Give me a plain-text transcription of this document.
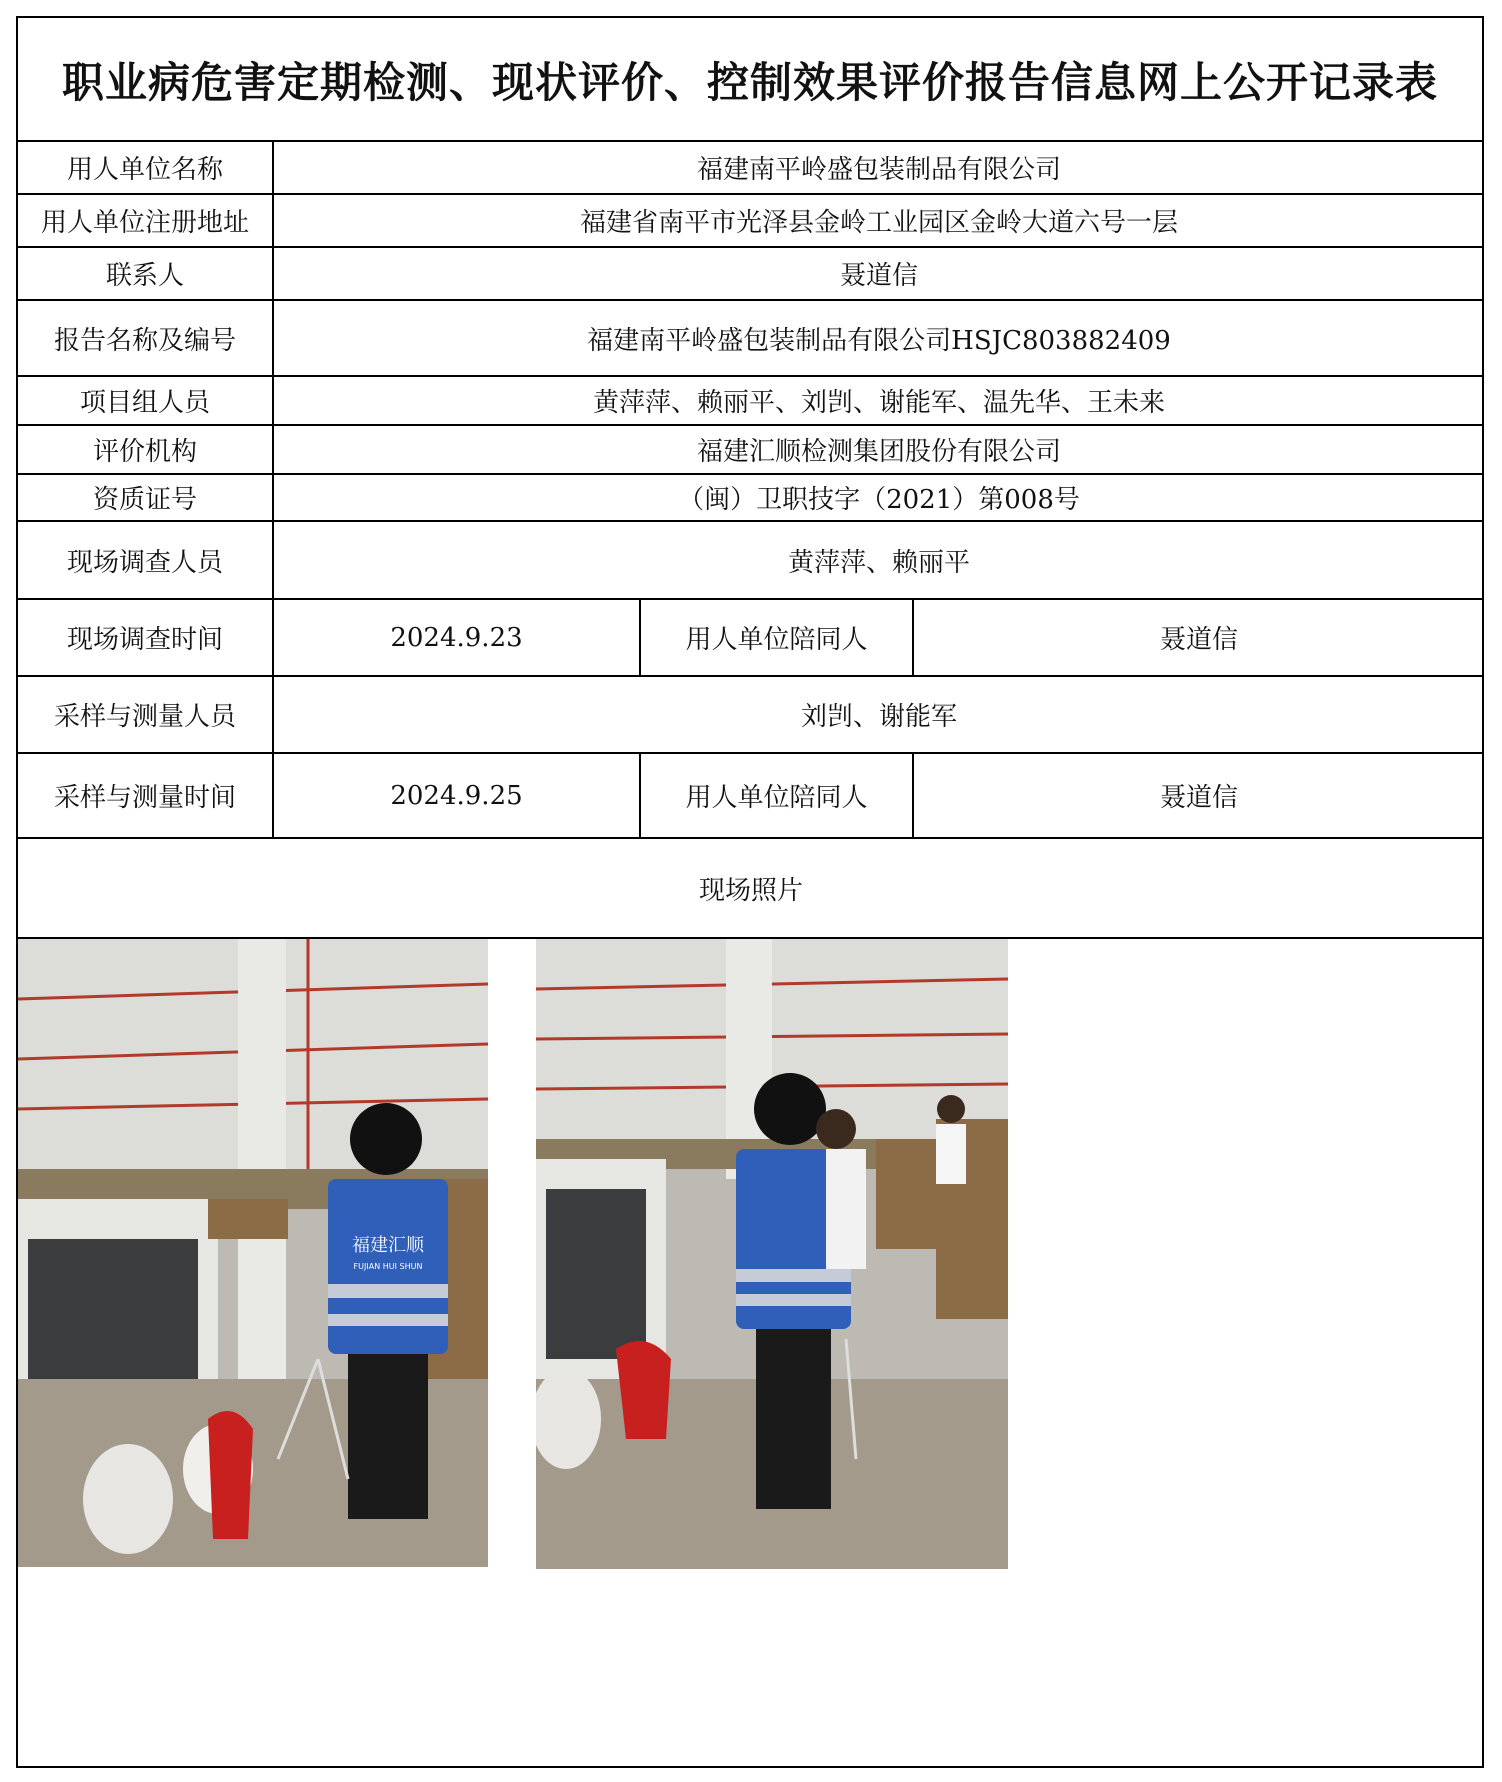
职业病危害定期检测、现状评价、控制效果评价报告信息网上公开记录表
用人单位名称	福建南平岭盛包装制品有限公司
用人单位注册地址	福建省南平市光泽县金岭工业园区金岭大道六号一层
联系人	聂道信
报告名称及编号	福建南平岭盛包装制品有限公司HSJC803882409
项目组人员	黄萍萍、赖丽平、刘剀、谢能军、温先华、王未来
评价机构	福建汇顺检测集团股份有限公司
资质证号	（闽）卫职技字（2021）第008号
现场调查人员	黄萍萍、赖丽平
现场调查时间	2024.9.23	用人单位陪同人	聂道信
采样与测量人员	刘剀、谢能军
采样与测量时间	2024.9.25	用人单位陪同人	聂道信
现场照片
福建汇顺
FUJIAN HUI SHUN
